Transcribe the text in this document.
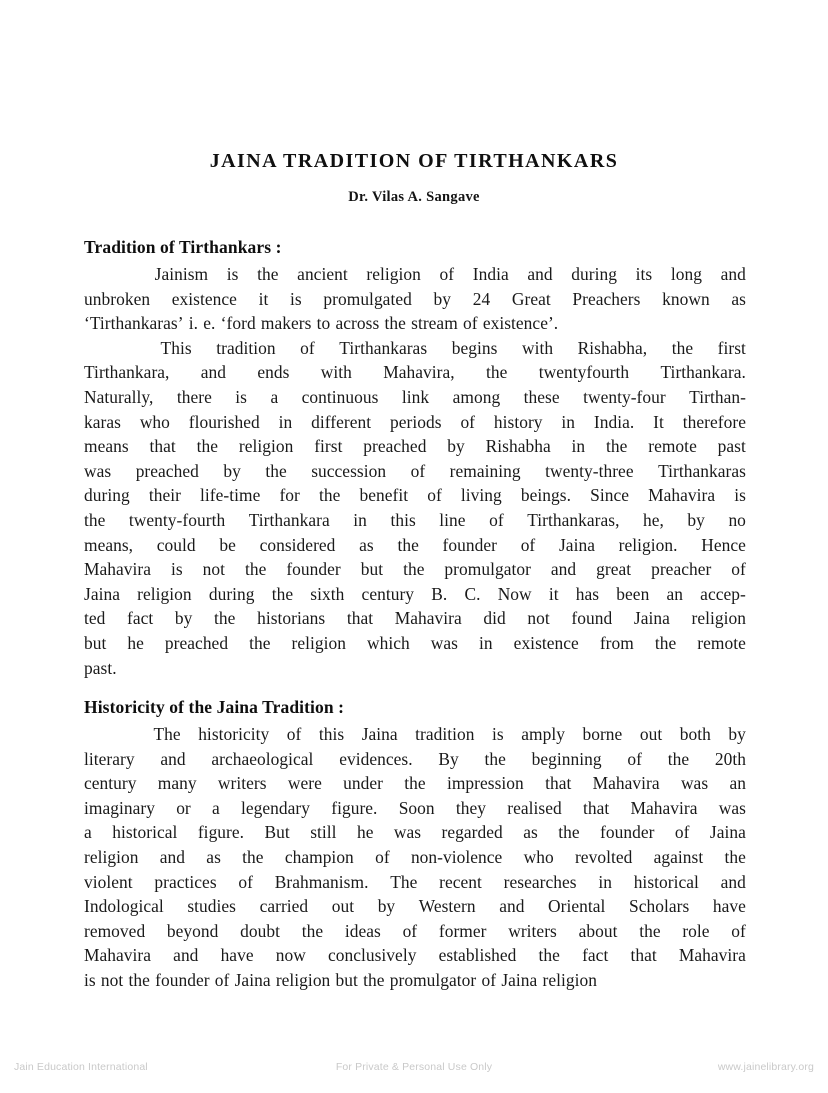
JAINA TRADITION OF TIRTHANKARS
Dr. Vilas A. Sangave
Tradition of Tirthankars :
Jainism is the ancient religion of India and during its long and
unbroken existence it is promulgated by 24 Great Preachers known as
‘Tirthankaras’ i. e. ‘ford makers to across the stream of existence’.
This tradition of Tirthankaras begins with Rishabha, the first
Tirthankara, and ends with Mahavira, the twentyfourth Tirthankara.
Naturally, there is a continuous link among these twenty-four Tirthan-
karas who flourished in different periods of history in India. It therefore
means that the religion first preached by Rishabha in the remote past
was preached by the succession of remaining twenty-three Tirthankaras
during their life-time for the benefit of living beings. Since Mahavira is
the twenty-fourth Tirthankara in this line of Tirthankaras, he, by no
means, could be considered as the founder of Jaina religion. Hence
Mahavira is not the founder but the promulgator and great preacher of
Jaina religion during the sixth century B. C. Now it has been an accep-
ted fact by the historians that Mahavira did not found Jaina religion
but he preached the religion which was in existence from the remote
past.
Historicity of the Jaina Tradition :
The historicity of this Jaina tradition is amply borne out both by
literary and archaeological evidences. By the beginning of the 20th
century many writers were under the impression that Mahavira was an
imaginary or a legendary figure. Soon they realised that Mahavira was
a historical figure. But still he was regarded as the founder of Jaina
religion and as the champion of non-violence who revolted against the
violent practices of Brahmanism. The recent researches in historical and
Indological studies carried out by Western and Oriental Scholars have
removed beyond doubt the ideas of former writers about the role of
Mahavira and have now conclusively established the fact that Mahavira
is not the founder of Jaina religion but the promulgator of Jaina religion
Jain Education International	For Private & Personal Use Only	www.jainelibrary.org
